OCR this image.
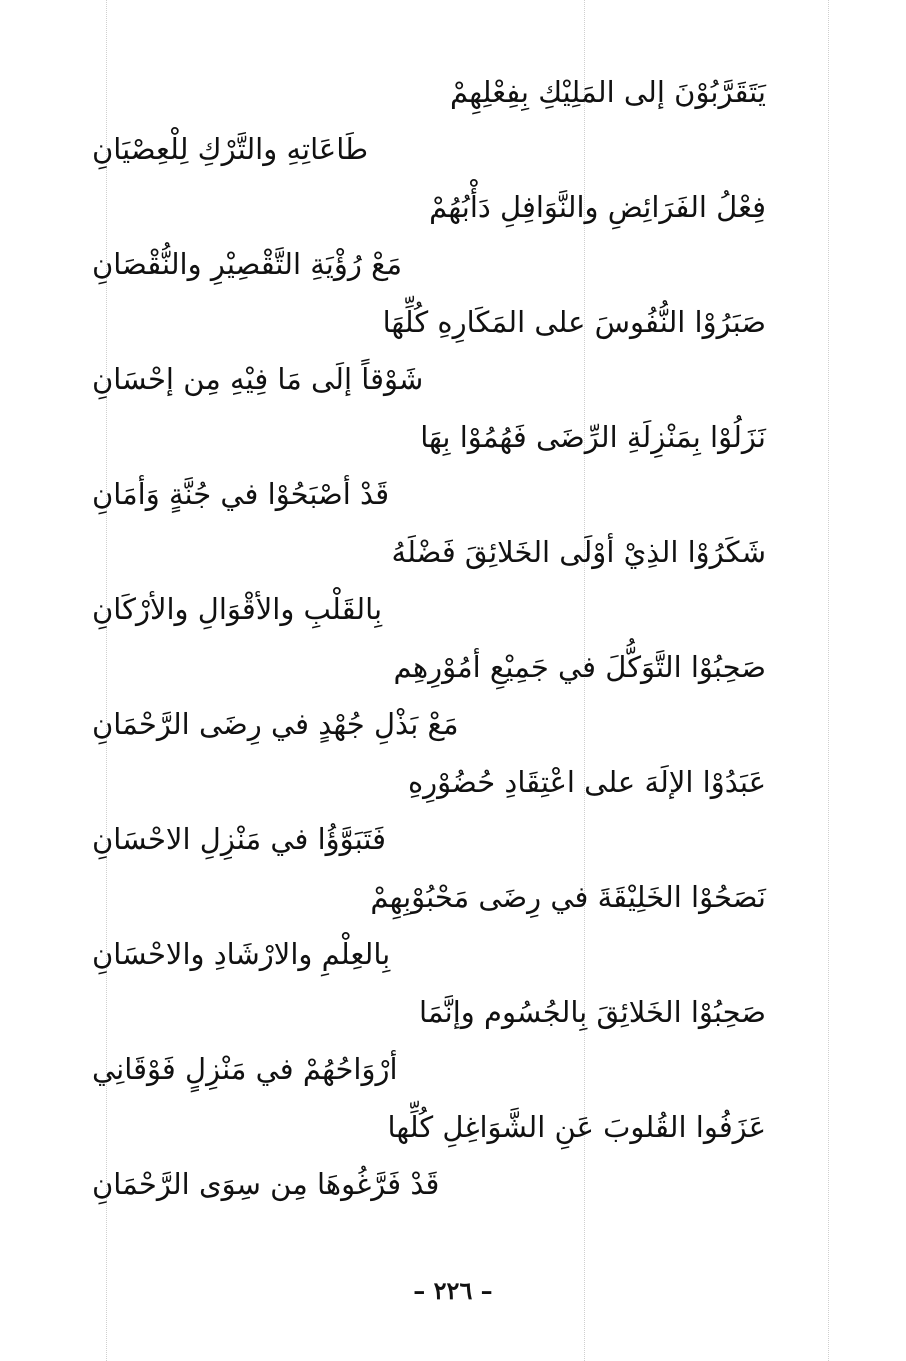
يَتَقَرَّبُوْنَ إلى المَلِيْكِ بِفِعْلِهِمْ
طَاعَاتِهِ والتَّرْكِ لِلْعِصْيَانِ
فِعْلُ الفَرَائِضِ والنَّوَافِلِ دَأْبُهُمْ
مَعْ رُؤْيَةِ التَّقْصِيْرِ والنُّقْصَانِ
صَبَرُوْا النُّفُوسَ على المَكَارِهِ كُلِّهَا
شَوْقاً إلَى مَا فِيْهِ مِن إحْسَانِ
نَزَلُوْا بِمَنْزِلَةِ الرِّضَى فَهُمُوْا بِهَا
قَدْ أصْبَحُوْا في جُنَّةٍ وَأمَانِ
شَكَرُوْا الذِيْ أوْلَى الخَلائِقَ فَضْلَهُ
بِالقَلْبِ والأقْوَالِ والأرْكَانِ
صَحِبُوْا التَّوَكُّلَ في جَمِيْعِ أمُوْرِهِم
مَعْ بَذْلِ جُهْدٍ في رِضَى الرَّحْمَانِ
عَبَدُوْا الإلَهَ على اعْتِقَادِ حُضُوْرِهِ
فَتَبَوَّؤُا في مَنْزِلِ الاحْسَانِ
نَصَحُوْا الخَلِيْقَةَ في رِضَى مَحْبُوْبِهِمْ
بِالعِلْمِ والارْشَادِ والاحْسَانِ
صَحِبُوْا الخَلائِقَ بِالجُسُوم وإنَّمَا
أرْوَاحُهُمْ في مَنْزِلٍ فَوْقَانِي
عَزَفُوا القُلوبَ عَنِ الشَّوَاغِلِ كُلِّها
قَدْ فَرَّغُوهَا مِن سِوَى الرَّحْمَانِ
– ٢٢٦ –
